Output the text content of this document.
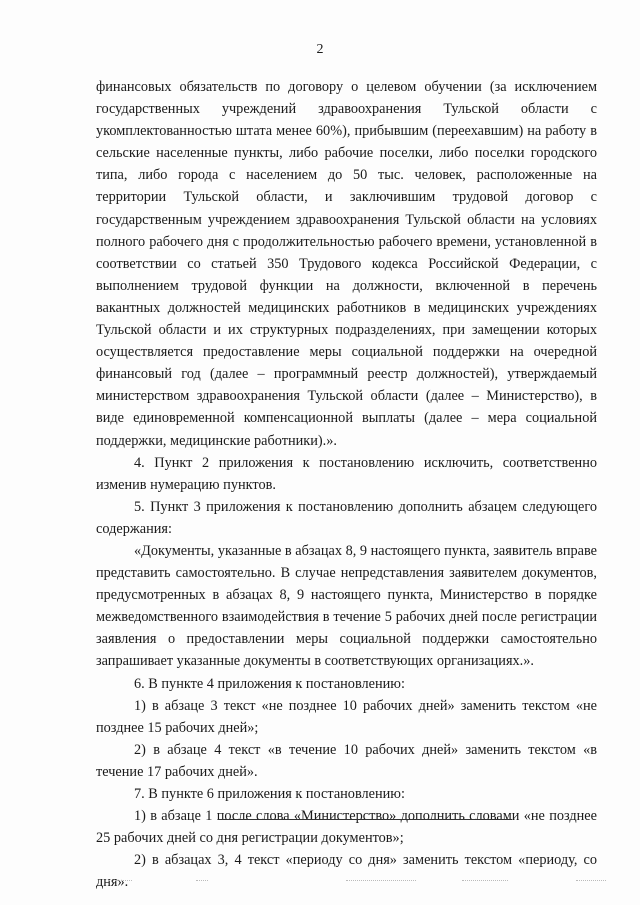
2

финансовых обязательств по договору о целевом обучении (за исключением государственных учреждений здравоохранения Тульской области с укомплектованностью штата менее 60%), прибывшим (переехавшим) на работу в сельские населенные пункты, либо рабочие поселки, либо поселки городского типа, либо города с населением до 50 тыс. человек, расположенные на территории Тульской области, и заключившим трудовой договор с государственным учреждением здравоохранения Тульской области на условиях полного рабочего дня с продолжительностью рабочего времени, установленной в соответствии со статьей 350 Трудового кодекса Российской Федерации, с выполнением трудовой функции на должности, включенной в перечень вакантных должностей медицинских работников в медицинских учреждениях Тульской области и их структурных подразделениях, при замещении которых осуществляется предоставление меры социальной поддержки на очередной финансовый год (далее – программный реестр должностей), утверждаемый министерством здравоохранения Тульской области (далее – Министерство), в виде единовременной компенсационной выплаты (далее – мера социальной поддержки, медицинские работники).».

4. Пункт 2 приложения к постановлению исключить, соответственно изменив нумерацию пунктов.

5. Пункт 3 приложения к постановлению дополнить абзацем следующего содержания:

«Документы, указанные в абзацах 8, 9 настоящего пункта, заявитель вправе представить самостоятельно. В случае непредставления заявителем документов, предусмотренных в абзацах 8, 9 настоящего пункта, Министерство в порядке межведомственного взаимодействия в течение 5 рабочих дней после регистрации заявления о предоставлении меры социальной поддержки самостоятельно запрашивает указанные документы в соответствующих организациях.».

6. В пункте 4 приложения к постановлению:

1) в абзаце 3 текст «не позднее 10 рабочих дней» заменить текстом «не позднее 15 рабочих дней»;

2) в абзаце 4 текст «в течение 10 рабочих дней» заменить текстом «в течение 17 рабочих дней».

7. В пункте 6 приложения к постановлению:

1) в абзаце 1 после слова «Министерство» дополнить словами «не позднее 25 рабочих дней со дня регистрации документов»;

2) в абзацах 3, 4 текст «периоду со дня» заменить текстом «периоду, со дня».
